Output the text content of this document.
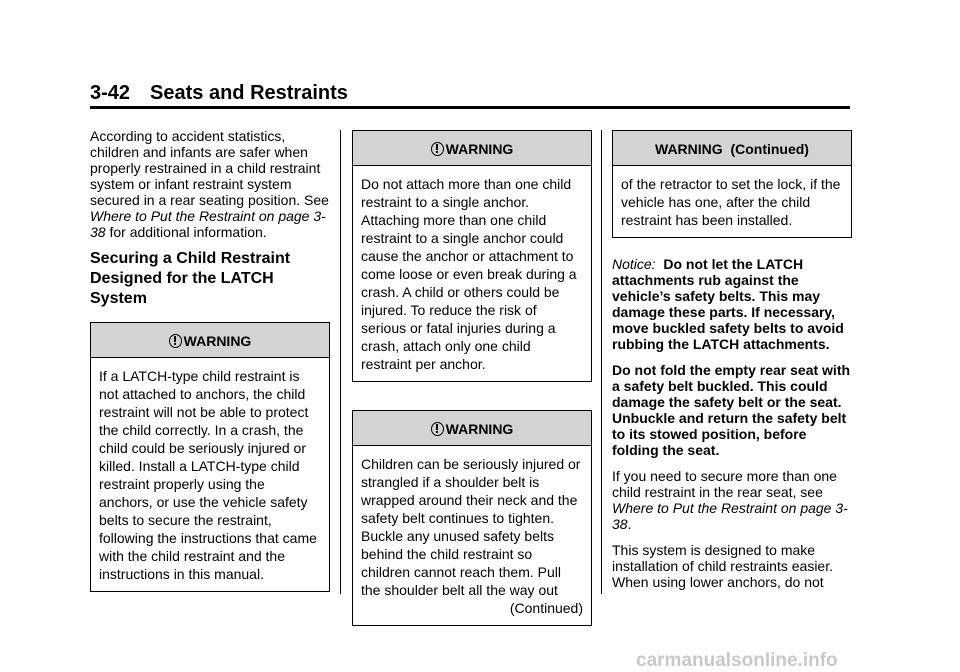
3-42 Seats and Restraints

According to accident statistics, children and infants are safer when properly restrained in a child restraint system or infant restraint system secured in a rear seating position. See Where to Put the Restraint on page 3-38 for additional information.

Securing a Child Restraint Designed for the LATCH System
WARNING
If a LATCH-type child restraint is not attached to anchors, the child restraint will not be able to protect the child correctly. In a crash, the child could be seriously injured or killed. Install a LATCH-type child restraint properly using the anchors, or use the vehicle safety belts to secure the restraint, following the instructions that came with the child restraint and the instructions in this manual.
WARNING
Do not attach more than one child restraint to a single anchor. Attaching more than one child restraint to a single anchor could cause the anchor or attachment to come loose or even break during a crash. A child or others could be injured. To reduce the risk of serious or fatal injuries during a crash, attach only one child restraint per anchor.
WARNING
Children can be seriously injured or strangled if a shoulder belt is wrapped around their neck and the safety belt continues to tighten. Buckle any unused safety belts behind the child restraint so children cannot reach them. Pull the shoulder belt all the way out
(Continued)
WARNING  (Continued)
of the retractor to set the lock, if the vehicle has one, after the child restraint has been installed.

Notice: Do not let the LATCH attachments rub against the vehicle’s safety belts. This may damage these parts. If necessary, move buckled safety belts to avoid rubbing the LATCH attachments.

Do not fold the empty rear seat with a safety belt buckled. This could damage the safety belt or the seat. Unbuckle and return the safety belt to its stowed position, before folding the seat.

If you need to secure more than one child restraint in the rear seat, see Where to Put the Restraint on page 3-38.

This system is designed to make installation of child restraints easier. When using lower anchors, do not

carmanualsonline.info
